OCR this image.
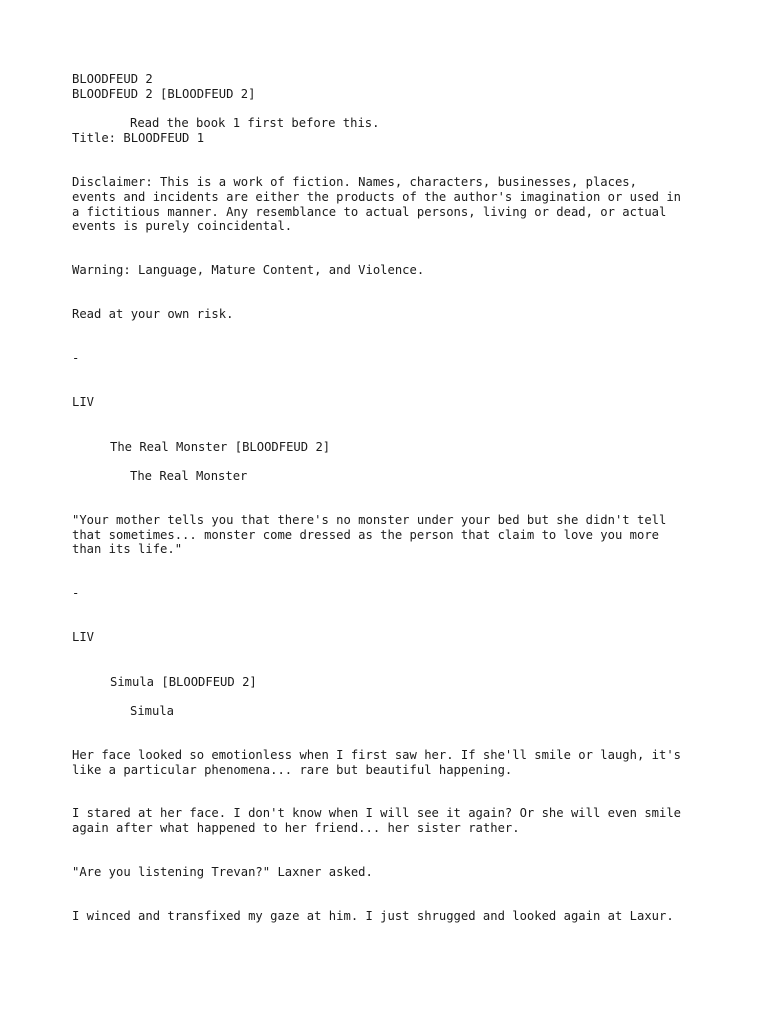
BLOODFEUD 2
BLOODFEUD 2 [BLOODFEUD 2]
Read the book 1 first before this.
Title: BLOODFEUD 1
Disclaimer: This is a work of fiction. Names, characters, businesses, places,
events and incidents are either the products of the author's imagination or used in
a fictitious manner. Any resemblance to actual persons, living or dead, or actual
events is purely coincidental.
Warning: Language, Mature Content, and Violence.
Read at your own risk.
-
LIV
The Real Monster [BLOODFEUD 2]
The Real Monster
"Your mother tells you that there's no monster under your bed but she didn't tell
that sometimes... monster come dressed as the person that claim to love you more
than its life."
-
LIV
Simula [BLOODFEUD 2]
Simula
Her face looked so emotionless when I first saw her. If she'll smile or laugh, it's
like a particular phenomena... rare but beautiful happening.
I stared at her face. I don't know when I will see it again? Or she will even smile
again after what happened to her friend... her sister rather.
"Are you listening Trevan?" Laxner asked.
I winced and transfixed my gaze at him. I just shrugged and looked again at Laxur.
